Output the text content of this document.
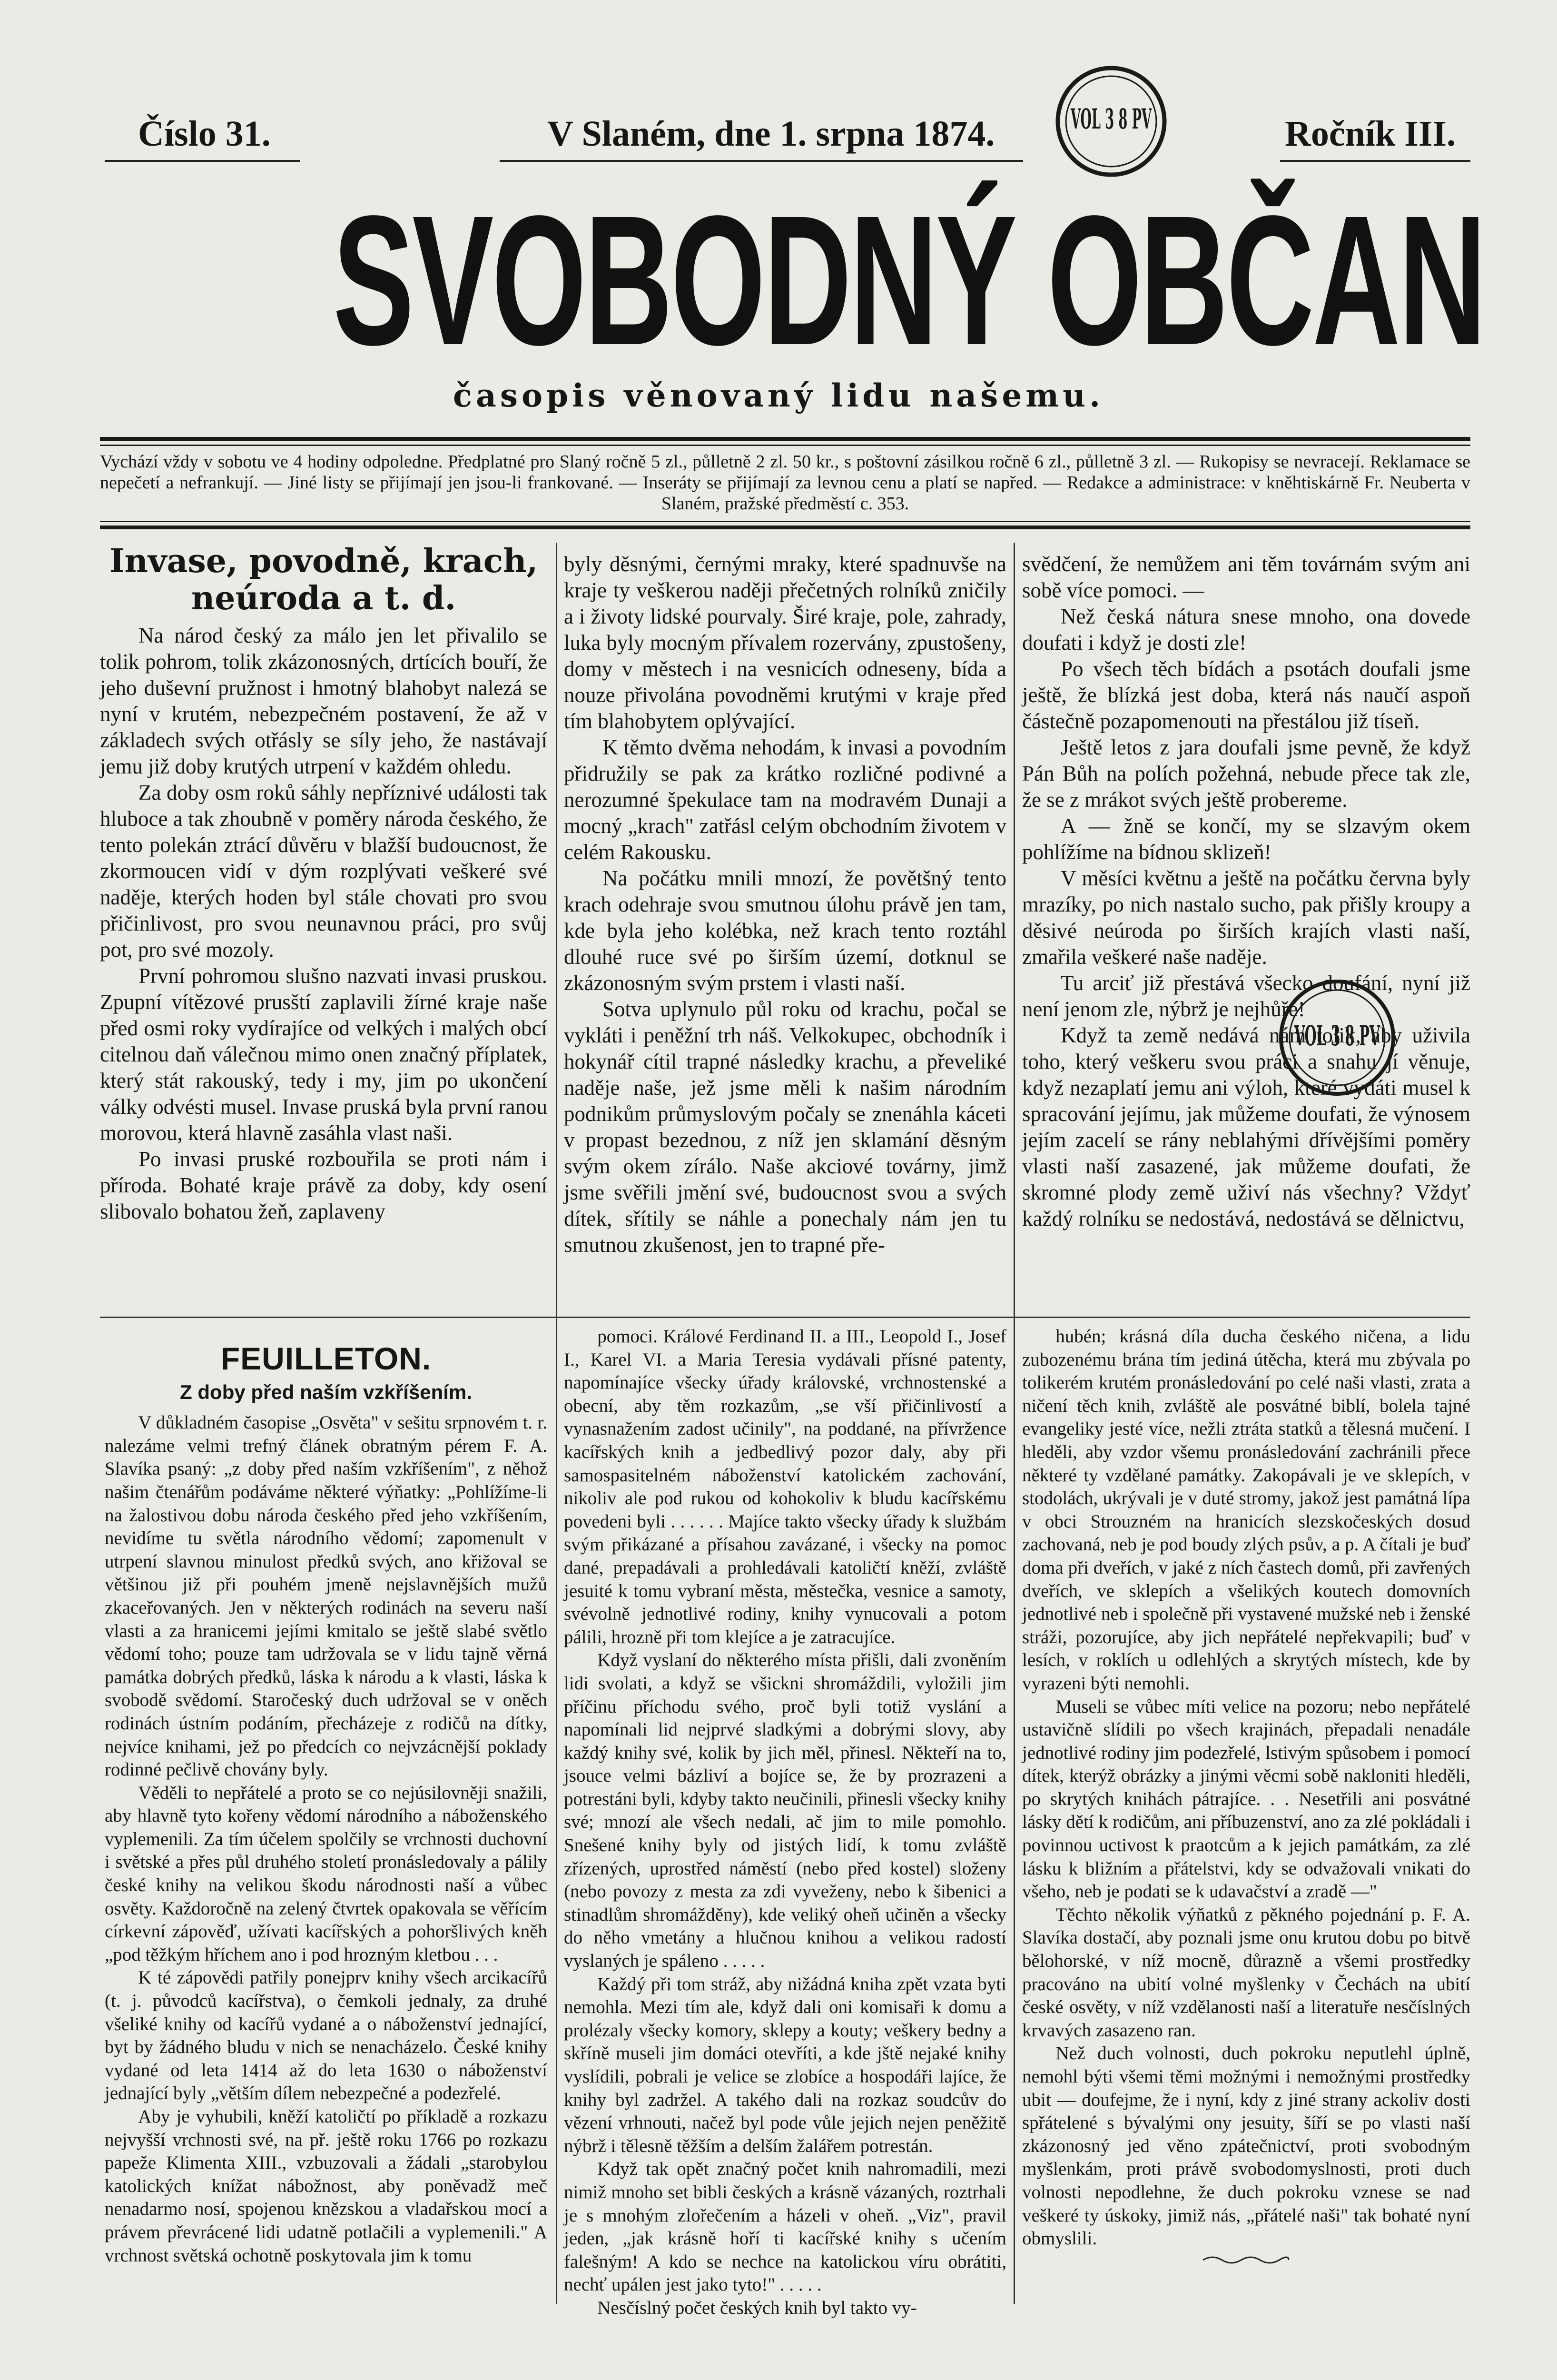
Číslo 31.	V Slaném, dne 1. srpna 1874.	Ročník III.
VOL 3 8 PV
SVOBODNÝ OBČAN
časopis věnovaný lidu našemu.
Vychází vždy v sobotu ve 4 hodiny odpoledne. Předplatné pro Slaný ročně 5 zl., půlletně 2 zl. 50 kr., s poštovní zásilkou ročně 6 zl., půlletně 3 zl. — Rukopisy se nevracejí. Reklamace se nepečetí a nefrankují. — Jiné listy se přijímají jen jsou-li frankované. — Inseráty se přijímají za levnou cenu a platí se napřed. — Redakce a administrace: v kněhtiskárně Fr. Neuberta v Slaném, pražské předměstí c. 353.
Invase, povodně, krach, neúroda a t. d.

Na národ český za málo jen let přivalilo se tolik pohrom, tolik zkázonosných, drtících bouří, že jeho duševní pružnost i hmotný blahobyt nalezá se nyní v krutém, nebezpečném postavení, že až v základech svých otřásly se síly jeho, že nastávají jemu již doby krutých utrpení v každém ohledu.

Za doby osm roků sáhly nepříznivé události tak hluboce a tak zhoubně v poměry národa českého, že tento polekán ztrácí důvěru v blažší budoucnost, že zkormoucen vidí v dým rozplývati veškeré své naděje, kterých hoden byl stále chovati pro svou přičinlivost, pro svou neunavnou práci, pro svůj pot, pro své mozoly.

První pohromou slušno nazvati invasi pruskou. Zpupní vítězové prusští zaplavili žírné kraje naše před osmi roky vydírajíce od velkých i malých obcí citelnou daň válečnou mimo onen značný příplatek, který stát rakouský, tedy i my, jim po ukončení války odvésti musel. Invase pruská byla první ranou morovou, která hlavně zasáhla vlast naši.

Po invasi pruské rozbouřila se proti nám i příroda. Bohaté kraje právě za doby, kdy osení slibovalo bohatou žeň, zaplaveny

byly děsnými, černými mraky, které spadnuvše na kraje ty veškerou naději přečetných rolníků zničily a i životy lidské pourvaly. Širé kraje, pole, zahrady, luka byly mocným přívalem rozervány, zpustošeny, domy v městech i na vesnicích odneseny, bída a nouze přivolána povodněmi krutými v kraje před tím blahobytem oplývající.

K těmto dvěma nehodám, k invasi a povodním přidružily se pak za krátko rozličné podivné a nerozumné špekulace tam na modravém Dunaji a mocný „krach" zatřásl celým obchodním životem v celém Rakousku.

Na počátku mnili mnozí, že povětšný tento krach odehraje svou smutnou úlohu právě jen tam, kde byla jeho kolébka, než krach tento roztáhl dlouhé ruce své po širším území, dotknul se zkázonosným svým prstem i vlasti naší.

Sotva uplynulo půl roku od krachu, počal se vykláti i peněžní trh náš. Velkokupec, obchodník i hokynář cítil trapné následky krachu, a převeliké naděje naše, jež jsme měli k našim národním podnikům průmyslovým počaly se znenáhla káceti v propast bezednou, z níž jen sklamání děsným svým okem zírálo. Naše akciové továrny, jimž jsme svěřili jmění své, budoucnost svou a svých dítek, sřítily se náhle a ponechaly nám jen tu smutnou zkušenost, jen to trapné pře-

svědčení, že nemůžem ani těm továrnám svým ani sobě více pomoci. —

Než česká nátura snese mnoho, ona dovede doufati i když je dosti zle!

Po všech těch bídách a psotách doufali jsme ještě, že blízká jest doba, která nás naučí aspoň částečně pozapomenouti na přestálou již tíseň.

Ještě letos z jara doufali jsme pevně, že když Pán Bůh na polích požehná, nebude přece tak zle, že se z mrákot svých ještě probereme.

A — žně se končí, my se slzavým okem pohlížíme na bídnou sklizeň!

V měsíci květnu a ještě na počátku června byly mrazíky, po nich nastalo sucho, pak přišly kroupy a děsivé neúroda po širších krajích vlasti naší, zmařila veškeré naše naděje.

Tu arciť již přestává všecko doufání, nyní již není jenom zle, nýbrž je nejhůře!

Když ta země nedává nám tolik, aby uživila toho, který veškeru svou práci a snahu jí věnuje, když nezaplatí jemu ani výloh, které vydáti musel k spracování jejímu, jak můžeme doufati, že výnosem jejím zacelí se rány neblahými dřívějšími poměry vlasti naší zasazené, jak můžeme doufati, že skromné plody země uživí nás všechny? Vždyť každý rolníku se nedostává, nedostává se dělnictvu,

VOL 3 8 PV
FEUILLETON.
Z doby před naším vzkříšením.

V důkladném časopise „Osvěta" v sešitu srpnovém t. r. nalezáme velmi trefný článek obratným pérem F. A. Slavíka psaný: „z doby před naším vzkříšením", z něhož našim čtenářům podáváme některé výňatky: „Pohlížíme-li na žalostivou dobu národa českého před jeho vzkříšením, nevidíme tu světla národního vědomí; zapomenult v utrpení slavnou minulost předků svých, ano křižoval se většinou již při pouhém jmeně nejslavnějších mužů zkaceřovaných. Jen v některých rodinách na severu naší vlasti a za hranicemi jejími kmitalo se ještě slabé světlo vědomí toho; pouze tam udržovala se v lidu tajně věrná památka dobrých předků, láska k národu a k vlasti, láska k svobodě svědomí. Staročeský duch udržoval se v oněch rodinách ústním podáním, přecházeje z rodičů na dítky, nejvíce knihami, jež po předcích co nejvzácnější poklady rodinné pečlivě chovány byly.

Věděli to nepřátelé a proto se co nejúsilovněji snažili, aby hlavně tyto kořeny vědomí národního a náboženského vyplemenili. Za tím účelem spolčily se vrchnosti duchovní i světské a přes půl druhého století pronásledovaly a pálily české knihy na velikou škodu národnosti naší a vůbec osvěty. Každoročně na zelený čtvrtek opakovala se věřícím církevní zápověď, užívati kacířských a pohoršlivých kněh „pod těžkým hříchem ano i pod hrozným kletbou . . .

K té zápovědi patřily ponejprv knihy všech arcikacířů (t. j. původců kacířstva), o čemkoli jednaly, za druhé všeliké knihy od kacířů vydané a o náboženství jednající, byt by žádného bludu v nich se nenacházelo. České knihy vydané od leta 1414 až do leta 1630 o náboženství jednající byly „větším dílem nebezpečné a podezřelé.

Aby je vyhubili, kněží katoličtí po příkladě a rozkazu nejvyšší vrchnosti své, na př. ještě roku 1766 po rozkazu papeže Klimenta XIII., vzbuzovali a žádali „starobylou katolických knížat nábožnost, aby poněvadž meč nenadarmo nosí, spojenou knězskou a vladařskou mocí a právem převrácené lidi udatně potlačili a vyplemenili." A vrchnost světská ochotně poskytovala jim k tomu

pomoci. Králové Ferdinand II. a III., Leopold I., Josef I., Karel VI. a Maria Teresia vydávali přísné patenty, napomínajíce všecky úřady královské, vrchnostenské a obecní, aby těm rozkazům, „se vší přičinlivostí a vynasnažením zadost učinily", na poddané, na přívržence kacířských knih a jedbedlivý pozor daly, aby při samospasitelném náboženství katolickém zachování, nikoliv ale pod rukou od kohokoliv k bludu kacířskému povedeni byli . . . . . . Majíce takto všecky úřady k službám svým přikázané a přísahou zavázané, i všecky na pomoc dané, prepadávali a prohledávali katoličtí kněží, zvláště jesuité k tomu vybraní města, městečka, vesnice a samoty, svévolně jednotlivé rodiny, knihy vynucovali a potom pálili, hrozně při tom klejíce a je zatracujíce.

Když vyslaní do některého místa přišli, dali zvoněním lidi svolati, a když se všickni shromáždili, vyložili jim příčinu příchodu svého, proč byli totiž vyslání a napomínali lid nejprvé sladkými a dobrými slovy, aby každý knihy své, kolik by jich měl, přinesl. Někteří na to, jsouce velmi bázliví a bojíce se, že by prozrazeni a potrestáni byli, kdyby takto neučinili, přinesli všecky knihy své; mnozí ale všech nedali, ač jim to mile pomohlo. Snešené knihy byly od jistých lidí, k tomu zvláště zřízených, uprostřed náměstí (nebo před kostel) složeny (nebo povozy z mesta za zdi vyveženy, nebo k šibenici a stinadlům shromážděny), kde veliký oheň učiněn a všecky do něho vmetány a hlučnou knihou a velikou radostí vyslaných je spáleno . . . . .

Každý při tom stráž, aby nižádná kniha zpět vzata byti nemohla. Mezi tím ale, když dali oni komisaři k domu a prolézaly všecky komory, sklepy a kouty; veškery bedny a skříně museli jim domáci otevříti, a kde jště nejaké knihy vyslídili, pobrali je velice se zlobíce a hospodáři lajíce, že knihy byl zadržel. A takého dali na rozkaz soudcův do vězení vrhnouti, načež byl pode vůle jejich nejen peněžitě nýbrž i tělesně těžším a delším žalářem potrestán.

Když tak opět značný počet knih nahromadili, mezi nimiž mnoho set bibli českých a krásně vázaných, roztrhali je s mnohým zlořečením a házeli v oheň. „Viz", pravil jeden, „jak krásně hoří ti kacířské knihy s učením falešným! A kdo se nechce na katolickou víru obrátiti, nechť upálen jest jako tyto!" . . . . .

Nesčíslný počet českých knih byl takto vy-

hubén; krásná díla ducha českého ničena, a lidu zubozenému brána tím jediná útěcha, která mu zbývala po tolikerém krutém pronásledování po celé naši vlasti, zrata a ničení těch knih, zvláště ale posvátné biblí, bolela tajné evangeliky jesté více, nežli ztráta statků a tělesná mučení. I hleděli, aby vzdor všemu pronásledování zachránili přece některé ty vzdělané památky. Zakopávali je ve sklepích, v stodolách, ukrývali je v duté stromy, jakož jest památná lípa v obci Strouzném na hranicích slezskočeských dosud zachovaná, neb je pod boudy zlých psův, a p. A čítali je buď doma při dveřích, v jaké z ních častech domů, při zavřených dveřích, ve sklepích a všelikých koutech domovních jednotlivé neb i společně při vystavené mužské neb i ženské stráži, pozorujíce, aby jich nepřátelé nepřekvapili; buď v lesích, v roklích u odlehlých a skrytých místech, kde by vyrazeni býti nemohli.

Museli se vůbec míti velice na pozoru; nebo nepřátelé ustavičně slídili po všech krajinách, přepadali nenadále jednotlivé rodiny jim podezřelé, lstivým spůsobem i pomocí dítek, kterýž obrázky a jinými věcmi sobě nakloniti hleděli, po skrytých knihách pátrajíce. . . Nesetřili ani posvátné lásky dětí k rodičům, ani příbuzenství, ano za zlé pokládali i povinnou uctivost k praotcům a k jejich památkám, za zlé lásku k bližním a přátelstvi, kdy se odvažovali vnikati do všeho, neb je podati se k udavačství a zradě —"

Těchto několik výňatků z pěkného pojednání p. F. A. Slavíka dostačí, aby poznali jsme onu krutou dobu po bitvě bělohorské, v níž mocně, důrazně a všemi prostředky pracováno na ubití volné myšlenky v Čechách na ubití české osvěty, v níž vzdělanosti naší a literatuře nesčíslných krvavých zasazeno ran.

Než duch volnosti, duch pokroku neputlehl úplně, nemohl býti všemi těmi možnými i nemožnými prostředky ubit — doufejme, že i nyní, kdy z jiné strany ackoliv dosti spřátelené s bývalými ony jesuity, šíří se po vlasti naší zkázonosný jed věno zpátečnictví, proti svobodným myšlenkám, proti právě svobodomyslnosti, proti duch volnosti nepodlehne, že duch pokroku vznese se nad veškeré ty úskoky, jimiž nás, „přátelé naši" tak bohaté nyní obmyslili.
